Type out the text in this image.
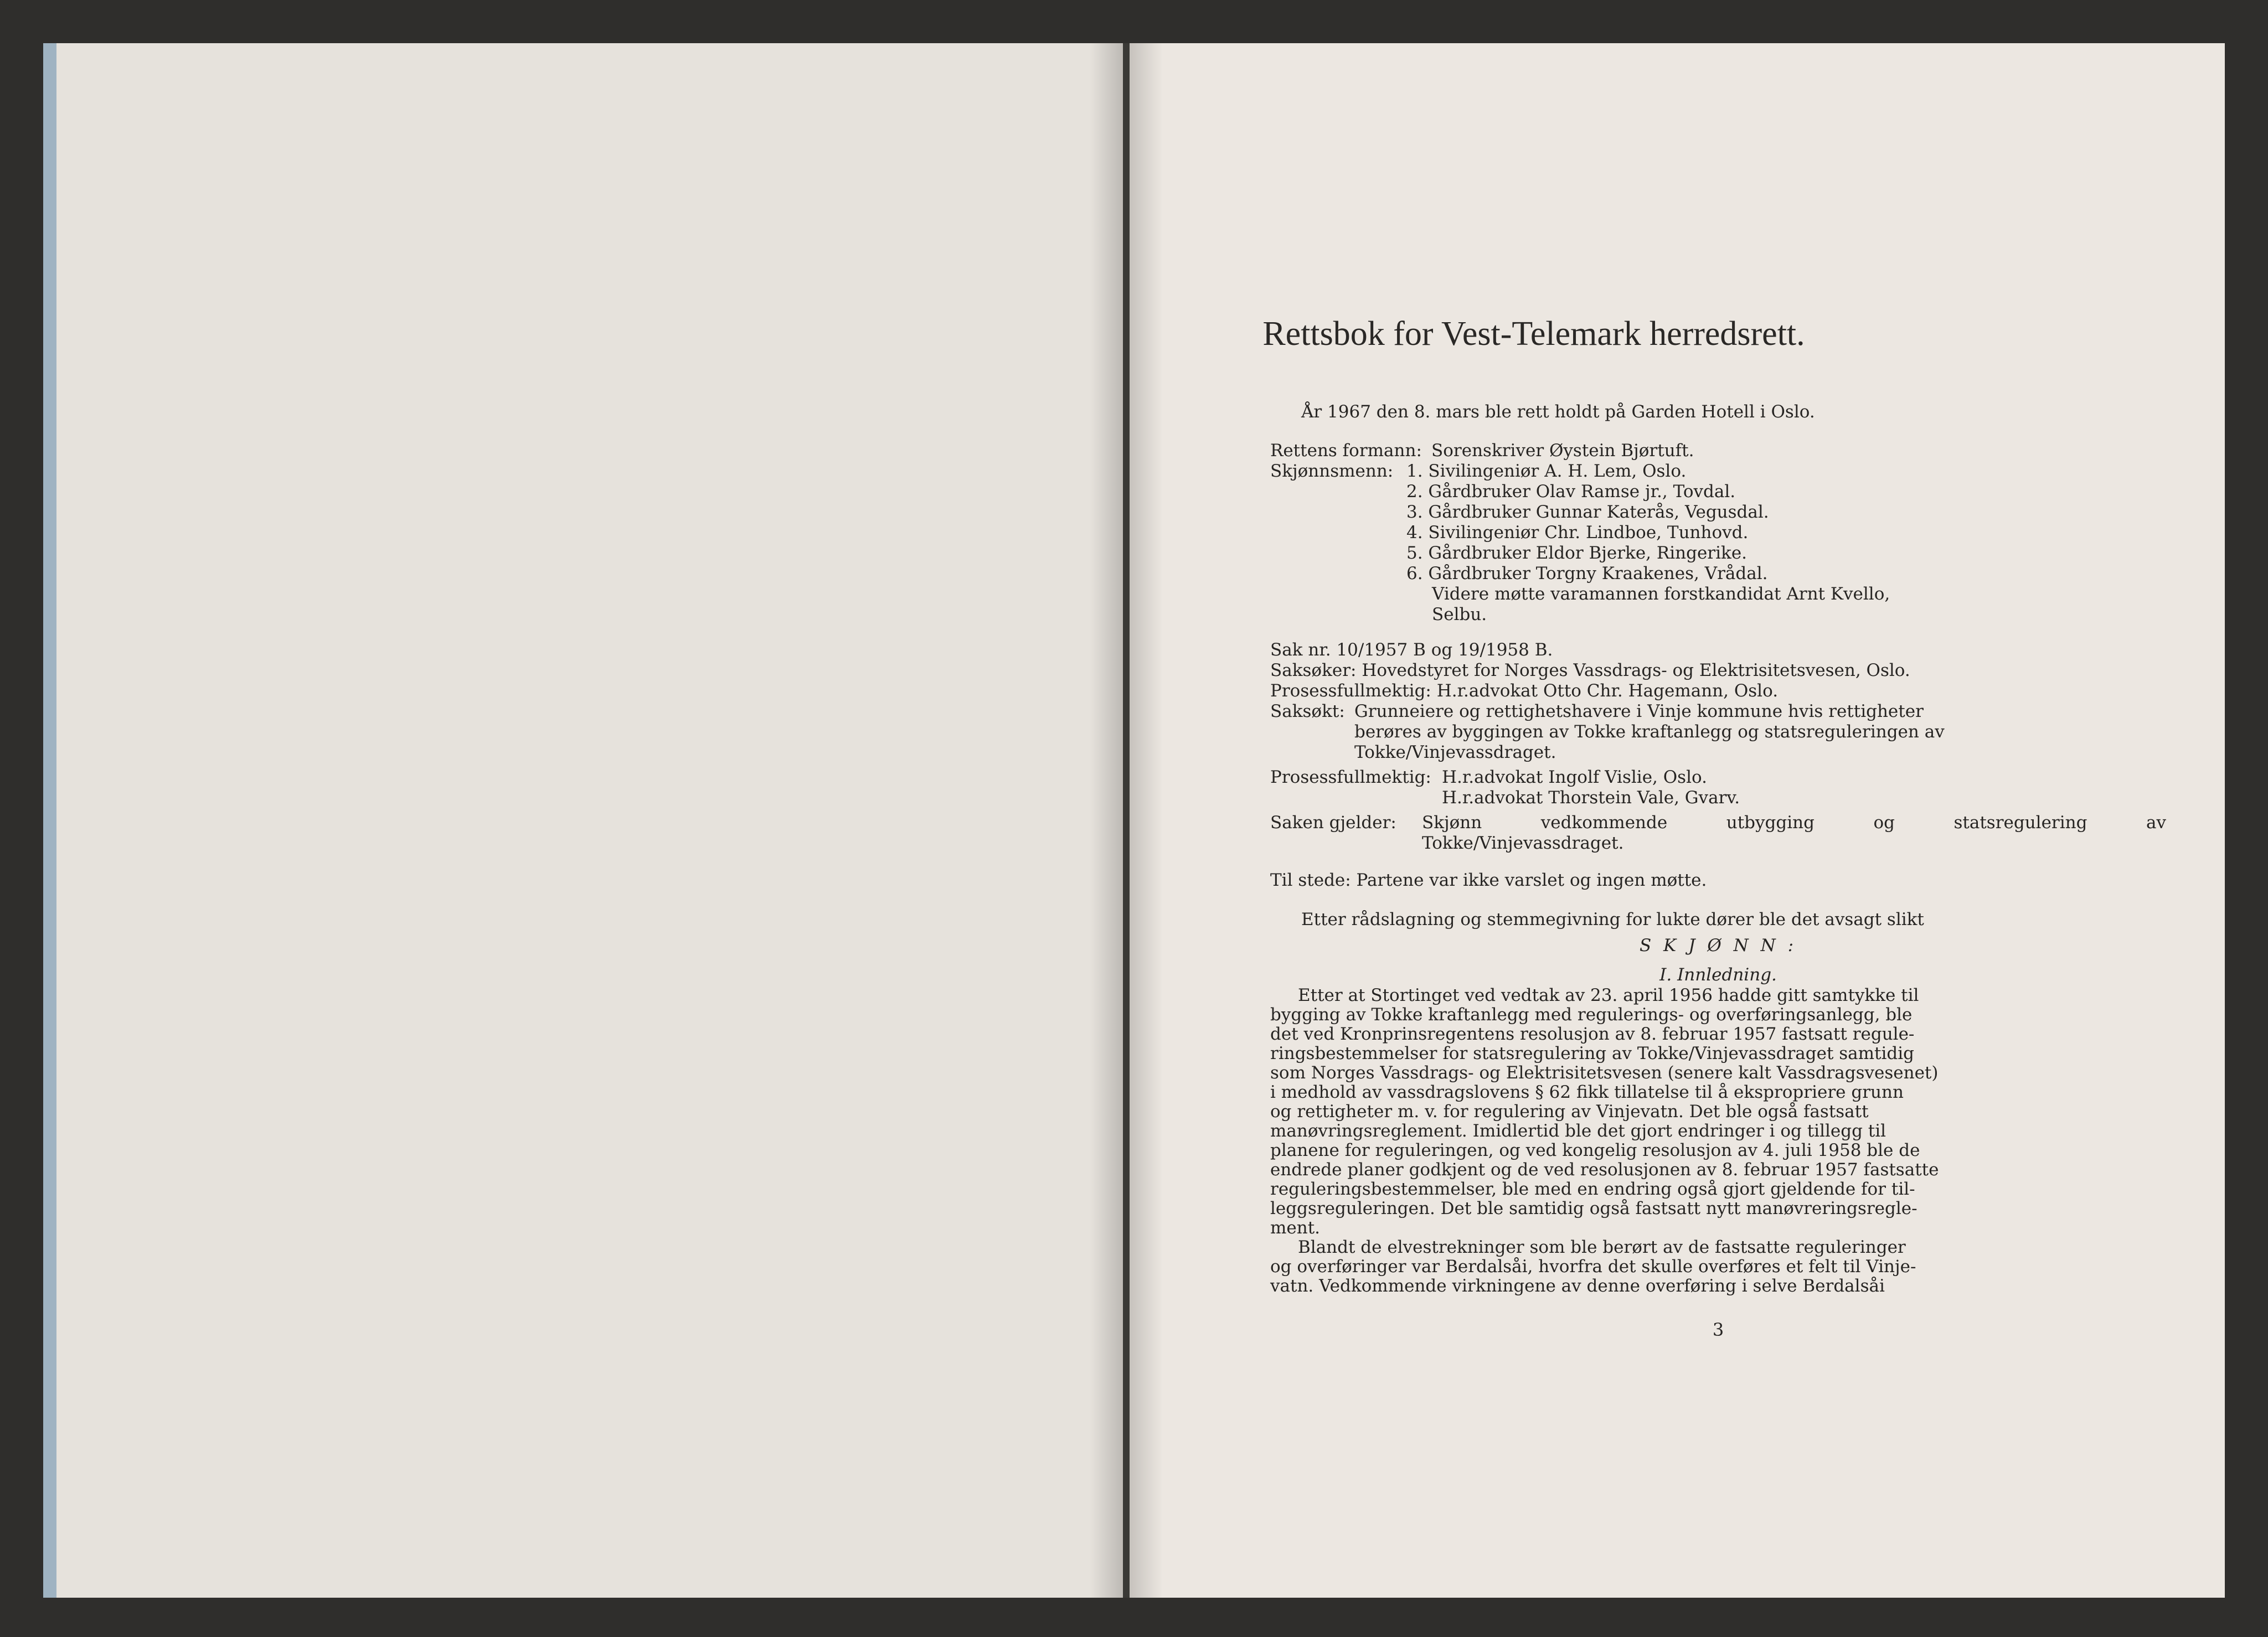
Rettsbok for Vest-Telemark herredsrett.
År 1967 den 8. mars ble rett holdt på Garden Hotell i Oslo.
Rettens formann: Sorenskriver Øystein Bjørtuft.
Skjønnsmenn: 1. Sivilingeniør A. H. Lem, Oslo.
2. Gårdbruker Olav Ramse jr., Tovdal.
3. Gårdbruker Gunnar Katerås, Vegusdal.
4. Sivilingeniør Chr. Lindboe, Tunhovd.
5. Gårdbruker Eldor Bjerke, Ringerike.
6. Gårdbruker Torgny Kraakenes, Vrådal.
Videre møtte varamannen forstkandidat Arnt Kvello,
Selbu.
Sak nr. 10/1957 B og 19/1958 B.
Saksøker: Hovedstyret for Norges Vassdrags- og Elektrisitetsvesen, Oslo.
Prosessfullmektig: H.r.advokat Otto Chr. Hagemann, Oslo.
Saksøkt: Grunneiere og rettighetshavere i Vinje kommune hvis rettigheter
berøres av byggingen av Tokke kraftanlegg og statsreguleringen av
Tokke/Vinjevassdraget.
Prosessfullmektig: H.r.advokat Ingolf Vislie, Oslo.
H.r.advokat Thorstein Vale, Gvarv.
Saken gjelder: Skjønn vedkommende utbygging og statsregulering av
Tokke/Vinjevassdraget.
Til stede: Partene var ikke varslet og ingen møtte.
Etter rådslagning og stemmegivning for lukte dører ble det avsagt slikt
S K J Ø N N :
I. Innledning.
Etter at Stortinget ved vedtak av 23. april 1956 hadde gitt samtykke til
bygging av Tokke kraftanlegg med regulerings- og overføringsanlegg, ble
det ved Kronprinsregentens resolusjon av 8. februar 1957 fastsatt regule-
ringsbestemmelser for statsregulering av Tokke/Vinjevassdraget samtidig
som Norges Vassdrags- og Elektrisitetsvesen (senere kalt Vassdragsvesenet)
i medhold av vassdragslovens § 62 fikk tillatelse til å ekspropriere grunn
og rettigheter m. v. for regulering av Vinjevatn. Det ble også fastsatt
manøvringsreglement. Imidlertid ble det gjort endringer i og tillegg til
planene for reguleringen, og ved kongelig resolusjon av 4. juli 1958 ble de
endrede planer godkjent og de ved resolusjonen av 8. februar 1957 fastsatte
reguleringsbestemmelser, ble med en endring også gjort gjeldende for til-
leggsreguleringen. Det ble samtidig også fastsatt nytt manøvreringsregle-
ment.
Blandt de elvestrekninger som ble berørt av de fastsatte reguleringer
og overføringer var Berdalsåi, hvorfra det skulle overføres et felt til Vinje-
vatn. Vedkommende virkningene av denne overføring i selve Berdalsåi
3
